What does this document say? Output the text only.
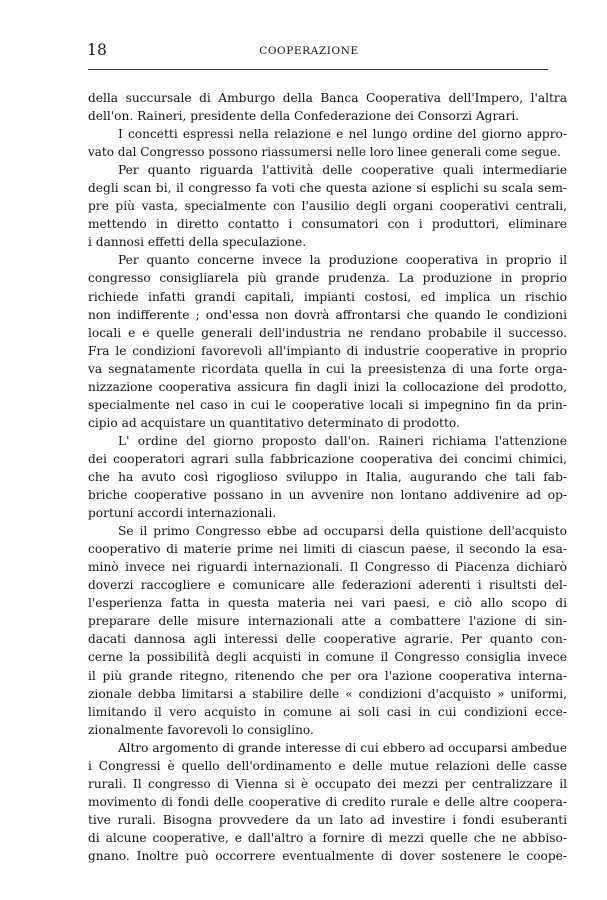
18	COOPERAZIONE
della succursale di Amburgo della Banca Cooperativa dell'Impero, l'altra
dell'on. Raineri, presidente della Confederazione dei Consorzi Agrari.
I concetti espressi nella relazione e nel lungo ordine del giorno appro-
vato dal Congresso possono riassumersi nelle loro linee generali come segue.
Per quanto riguarda l'attività delle cooperative quali intermediarie
degli scan bi, il congresso fa voti che questa azione si esplichi su scala sem-
pre più vasta, specialmente con l'ausilio degli organi cooperativi centrali,
mettendo in diretto contatto i consumatori con i produttori, eliminare
i dannosi effetti della speculazione.
Per quanto concerne invece la produzione cooperativa in proprio il
congresso consigliarela più grande prudenza. La produzione in proprio
richiede infatti grandi capitali, impianti costosi, ed implica un rischio
non indifferente ; ond'essa non dovrà affrontarsi che quando le condizioni
locali e e quelle generali dell'industria ne rendano probabile il successo.
Fra le condizioni favorevoli all'impianto di industrie cooperative in proprio
va segnatamente ricordata quella in cui la preesistenza di una forte orga-
nizzazione cooperativa assicura fin dagli inizi la collocazione del prodotto,
specialmente nel caso in cui le cooperative locali si impegnino fin da prin-
cipio ad acquistare un quantitativo determinato di prodotto.
L' ordine del giorno proposto dall'on. Raineri richiama l'attenzione
dei cooperatori agrari sulla fabbricazione cooperativa dei concimi chimici,
che ha avuto così rigoglioso sviluppo in Italia, augurando che tali fab-
briche cooperative possano in un avvenire non lontano addivenire ad op-
portuni accordi internazionali.
Se il primo Congresso ebbe ad occuparsi della quistione dell'acquisto
cooperativo di materie prime nei limiti di ciascun paese, il secondo la esa-
minò invece nei riguardi internazionali. Il Congresso di Piacenza dichiarò
doverzi raccogliere e comunicare alle federazioni aderenti i risultsti del-
l'esperienza fatta in questa materia nei vari paesi, e ciò allo scopo di
preparare delle misure internazionali atte a combattere l'azione di sin-
dacati dannosa agli interessi delle cooperative agrarie. Per quanto con-
cerne la possibilità degli acquisti in comune il Congresso consiglia invece
il più grande ritegno, ritenendo che per ora l'azione cooperativa interna-
zionale debba limitarsi a stabilire delle « condizioni d'acquisto » uniformi,
limitando il vero acquisto in comune ai soli casi in cui condizioni ecce-
zionalmente favorevoli lo consiglino.
Altro argomento di grande interesse di cui ebbero ad occuparsi ambedue
i Congressi è quello dell'ordinamento e delle mutue relazioni delle casse
rurali. Il congresso di Vienna si è occupato dei mezzi per centralizzare il
movimento di fondi delle cooperative di credito rurale e delle altre coopera-
tive rurali. Bisogna provvedere da un lato ad investire i fondi esuberanti
di alcune cooperative, e dall'altro a fornire di mezzi quelle che ne abbiso-
gnano. Inoltre può occorrere eventualmente di dover sostenere le coope-
